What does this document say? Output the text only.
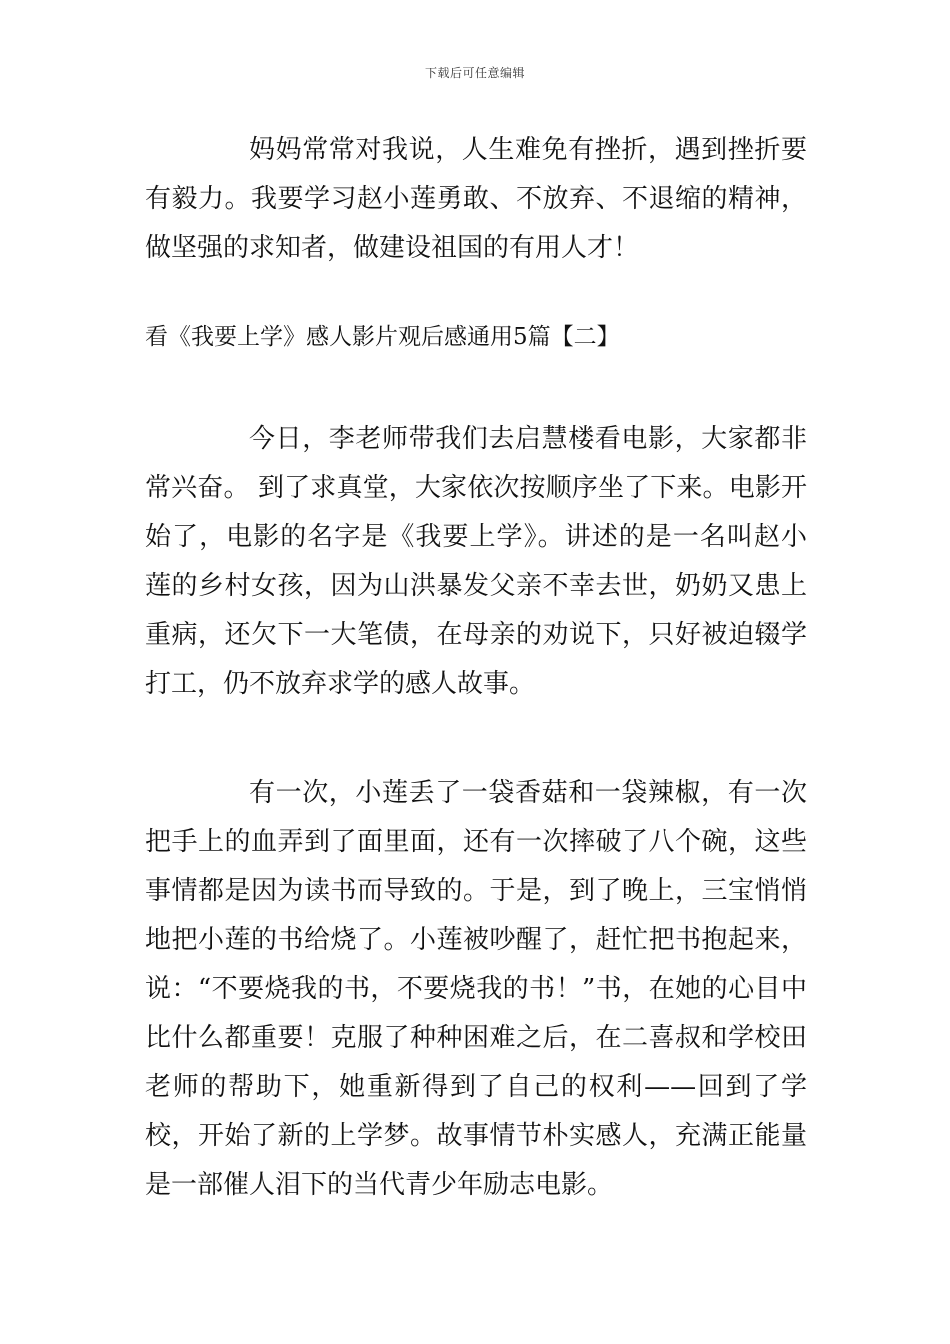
下载后可任意编辑

妈妈常常对我说，人生难免有挫折，遇到挫折要有毅力。我要学习赵小莲勇敢、不放弃、不退缩的精神，做坚强的求知者，做建设祖国的有用人才！

看《我要上学》感人影片观后感通用5篇【二】

今日，李老师带我们去启慧楼看电影，大家都非常兴奋。 到了求真堂，大家依次按顺序坐了下来。电影开始了，电影的名字是《我要上学》。讲述的是一名叫赵小莲的乡村女孩，因为山洪暴发父亲不幸去世，奶奶又患上重病，还欠下一大笔债，在母亲的劝说下，只好被迫辍学打工，仍不放弃求学的感人故事。

有一次，小莲丢了一袋香菇和一袋辣椒，有一次把手上的血弄到了面里面，还有一次摔破了八个碗，这些事情都是因为读书而导致的。于是，到了晚上，三宝悄悄地把小莲的书给烧了。小莲被吵醒了，赶忙把书抱起来，说：“不要烧我的书，不要烧我的书！”书，在她的心目中比什么都重要！克服了种种困难之后，在二喜叔和学校田老师的帮助下，她重新得到了自己的权利——回到了学校，开始了新的上学梦。故事情节朴实感人，充满正能量是一部催人泪下的当代青少年励志电影。
